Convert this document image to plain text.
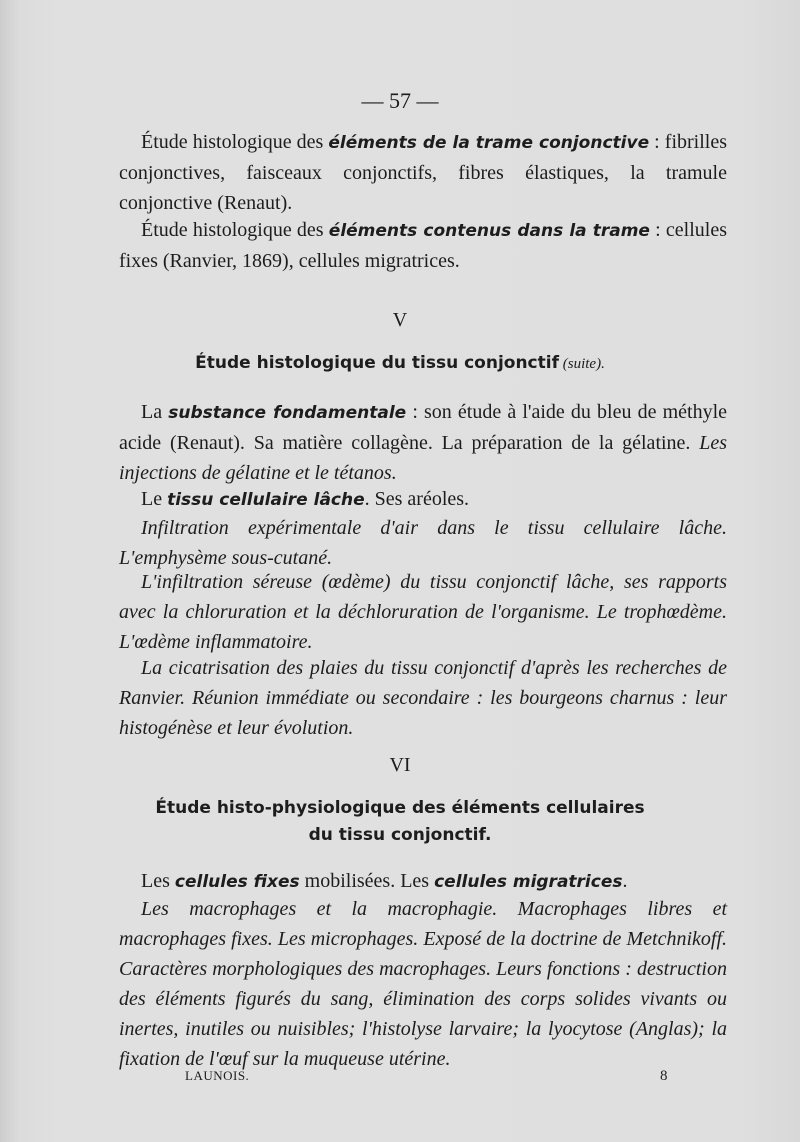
— 57 —

Étude histologique des éléments de la trame conjonctive : fibrilles conjonctives, faisceaux conjonctifs, fibres élastiques, la tramule conjonctive (Renaut).

Étude histologique des éléments contenus dans la trame : cellules fixes (Ranvier, 1869), cellules migratrices.

V
Étude histologique du tissu conjonctif (suite).

La substance fondamentale : son étude à l'aide du bleu de méthyle acide (Renaut). Sa matière collagène. La préparation de la gélatine. Les injections de gélatine et le tétanos.

Le tissu cellulaire lâche. Ses aréoles.

Infiltration expérimentale d'air dans le tissu cellulaire lâche. L'emphysème sous-cutané.

L'infiltration séreuse (œdème) du tissu conjonctif lâche, ses rapports avec la chloruration et la déchloruration de l'organisme. Le trophœdème. L'œdème inflammatoire.

La cicatrisation des plaies du tissu conjonctif d'après les recherches de Ranvier. Réunion immédiate ou secondaire : les bourgeons charnus : leur histogénèse et leur évolution.

VI
Étude histo-physiologique des éléments cellulaires
du tissu conjonctif.

Les cellules fixes mobilisées. Les cellules migratrices.

Les macrophages et la macrophagie. Macrophages libres et macrophages fixes. Les microphages. Exposé de la doctrine de Metchnikoff. Caractères morphologiques des macrophages. Leurs fonctions : destruction des éléments figurés du sang, élimination des corps solides vivants ou inertes, inutiles ou nuisibles; l'histolyse larvaire; la lyocytose (Anglas); la fixation de l'œuf sur la muqueuse utérine.

LAUNOIS.	8
